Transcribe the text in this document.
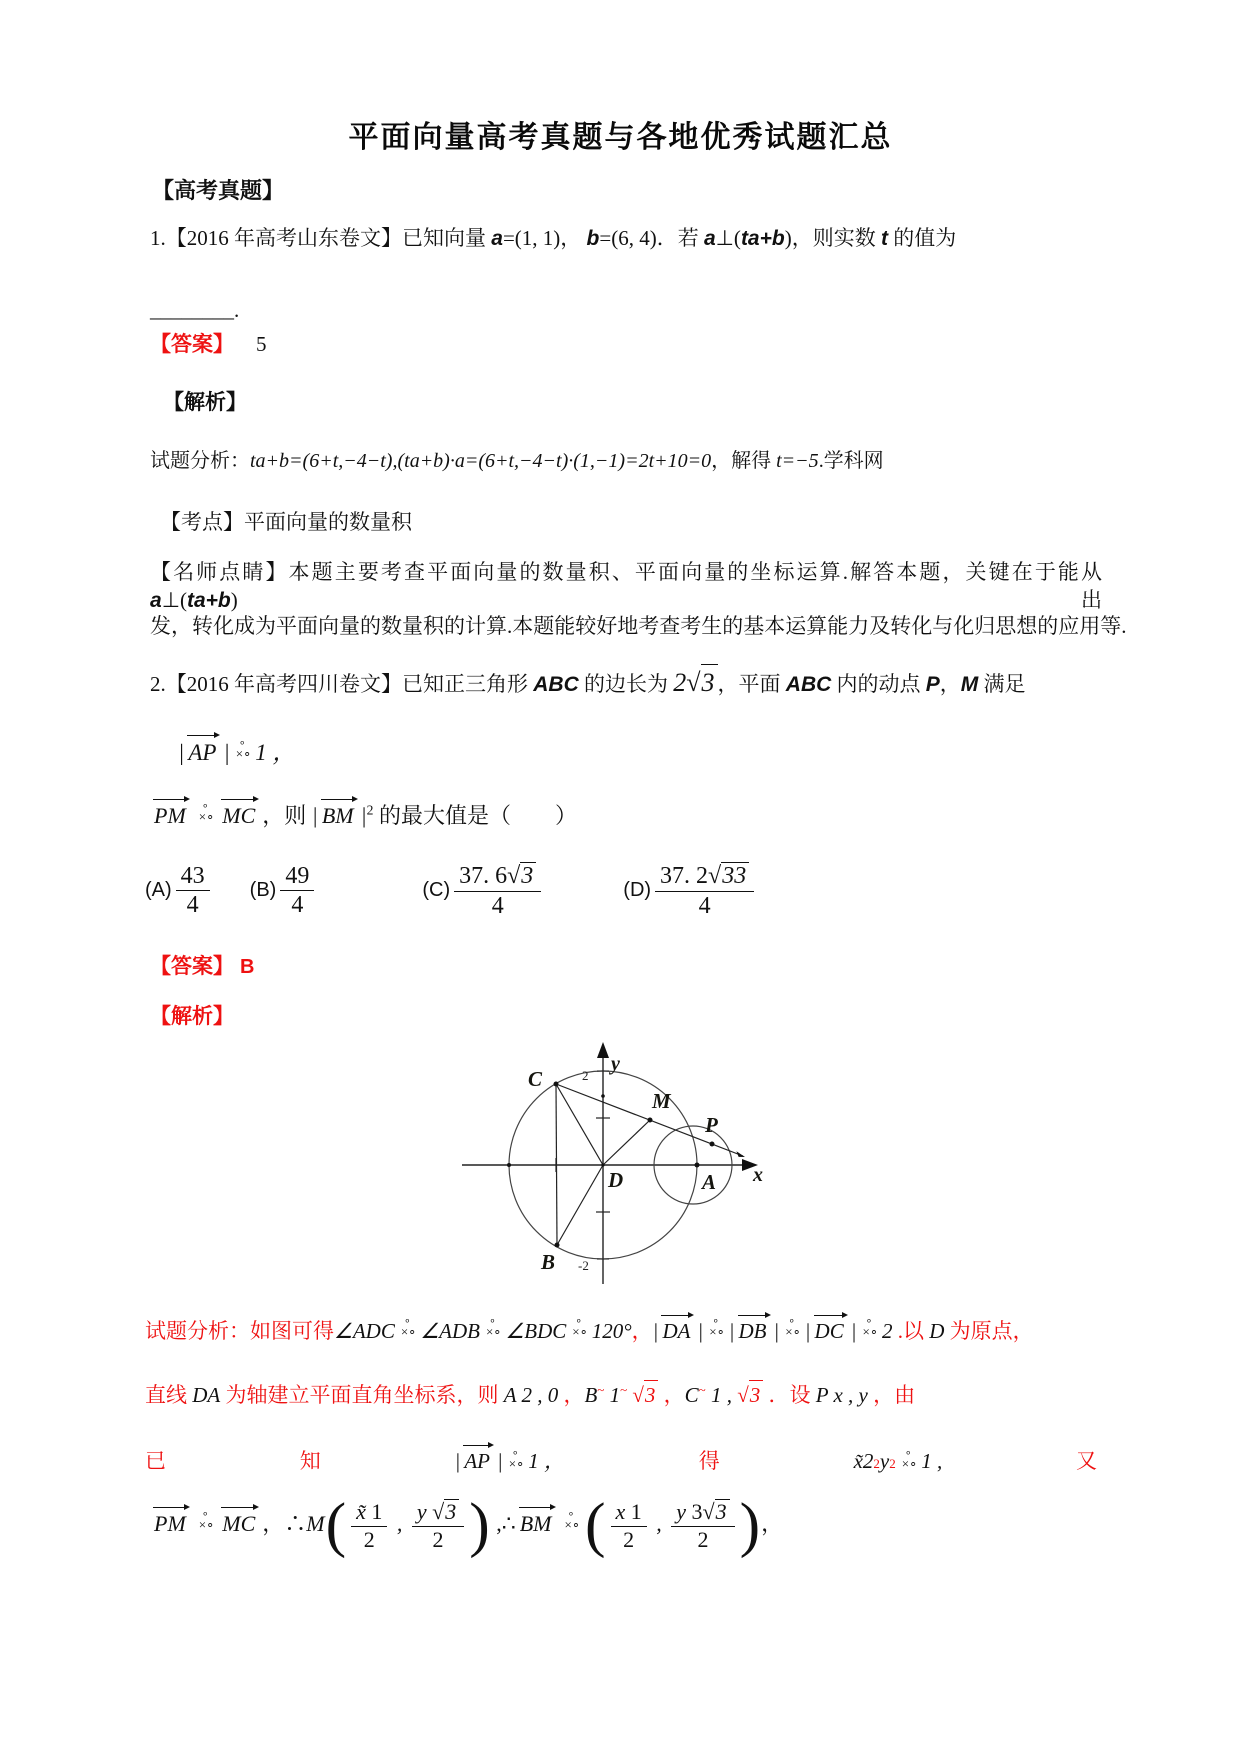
平面向量高考真题与各地优秀试题汇总
【高考真题】
1.【2016 年高考山东卷文】已知向量 a=(1, 1)， b=(6, 4)．若 a⊥(ta+b)，则实数 t 的值为
________.
【答案】 5
【解析】
试题分析：ta+b=(6+t,−4−t),(ta+b)·a=(6+t,−4−t)·(1,−1)=2t+10=0，解得 t=−5.学科网
【考点】平面向量的数量积
【名师点睛】本题主要考查平面向量的数量积、平面向量的坐标运算.解答本题，关键在于能从 a⊥(ta+b)出
发，转化成为平面向量的数量积的计算.本题能较好地考查考生的基本运算能力及转化与化归思想的应用等.
2.【2016 年高考四川卷文】已知正三角形 ABC 的边长为 2√3 ，平面 ABC 内的动点 P，M 满足
| AP | ∘
×∘ 1 ，
PM ∘
×∘ MC ，则 | BM $|^2$ 的最大值是（　　）
$(A) \frac{43}{4} (B) \frac{49}{4}$	$(C) \frac{37. 6√3}{4}$	$(D) \frac{37. 2√33}{4}$
【答案】 B
【解析】
C
M
P
D	A
B
y
x
2
-2
试题分析：如图可得∠ADC ∘
×∘ ∠ADB ∘
×∘ ∠BDC ∘
×∘ 120°，| DA | ∘
×∘ | DB | ∘
×∘ | DC | ∘
×∘ 2 .以 D 为原点，
直线 DA 为轴建立平面直角坐标系，则 A 2 , 0 ，B~ 1~ √3 ，C~ 1 , √3 ．设 P x , y ，由
已	知	| AP | ∘
×∘ 1 ，	得	x̃ 2 2 y 2
∘
×∘ 1 ,	又
PM ∘
×∘ MC ，∴M( $\frac{x̃ 1}{2}$ , $\frac{y √3}{2}$ ) ,∴ BM ∘
×∘( $\frac{x 1}{2}$ , $\frac{y 3√3}{2}$ )，
